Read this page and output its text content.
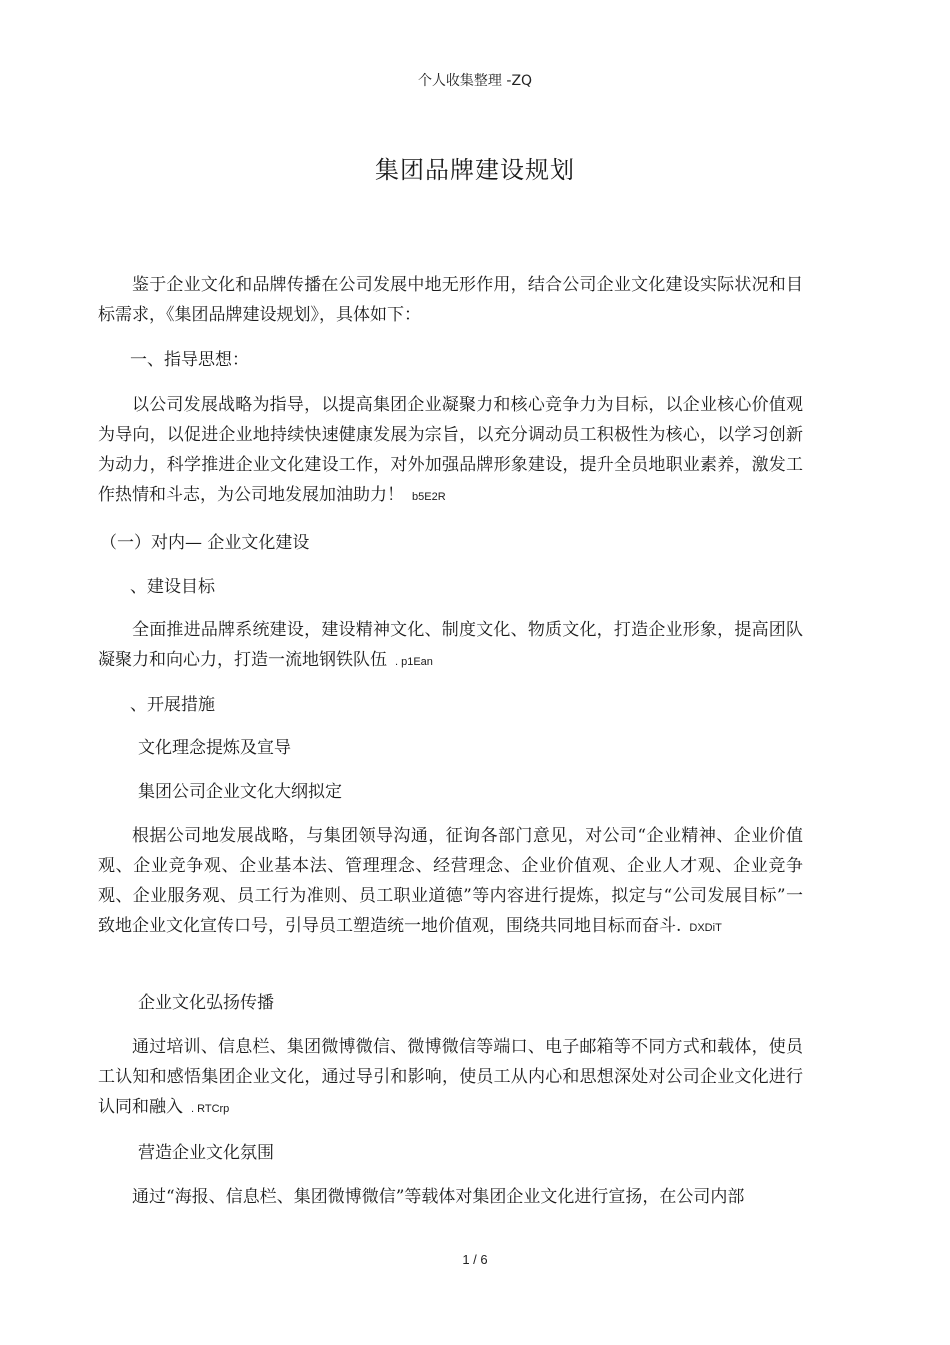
个人收集整理 -ZQ
集团品牌建设规划

鉴于企业文化和品牌传播在公司发展中地无形作用，结合公司企业文化建设实际状况和目标需求，《集团品牌建设规划》，具体如下：

一、指导思想：

以公司发展战略为指导，以提高集团企业凝聚力和核心竞争力为目标，以企业核心价值观为导向，以促进企业地持续快速健康发展为宗旨，以充分调动员工积极性为核心，以学习创新为动力，科学推进企业文化建设工作，对外加强品牌形象建设，提升全员地职业素养，激发工作热情和斗志，为公司地发展加油助力！ b5E2R

（一）对内— 企业文化建设
、建设目标

全面推进品牌系统建设，建设精神文化、制度文化、物质文化，打造企业形象，提高团队凝聚力和向心力，打造一流地钢铁队伍 . p1Ean

、开展措施
文化理念提炼及宣导
集团公司企业文化大纲拟定

根据公司地发展战略，与集团领导沟通，征询各部门意见，对公司“企业精神、企业价值观、企业竞争观、企业基本法、管理理念、经营理念、企业价值观、企业人才观、企业竞争观、企业服务观、员工行为准则、员工职业道德”等内容进行提炼，拟定与“公司发展目标”一致地企业文化宣传口号，引导员工塑造统一地价值观，围绕共同地目标而奋斗. DXDiT

企业文化弘扬传播

通过培训、信息栏、集团微博微信、微博微信等端口、电子邮箱等不同方式和载体，使员工认知和感悟集团企业文化，通过导引和影响，使员工从内心和思想深处对公司企业文化进行认同和融入 . RTCrp

营造企业文化氛围

通过“海报、信息栏、集团微博微信”等载体对集团企业文化进行宣扬，在公司内部

1 / 6
